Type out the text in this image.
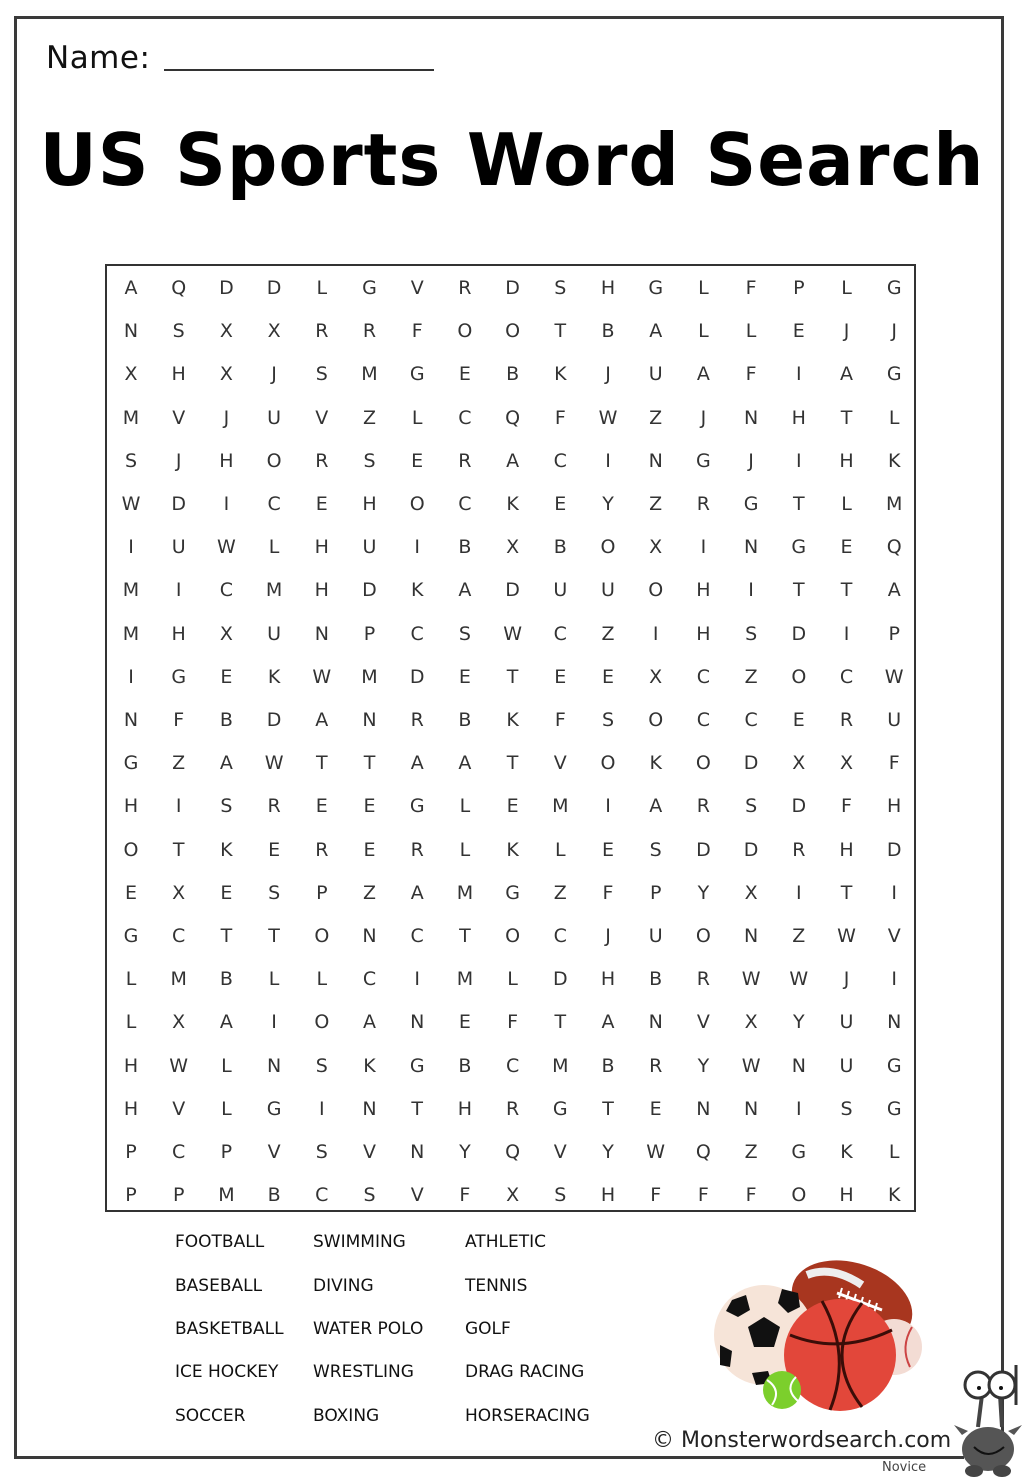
Name:
US Sports Word Search
A	Q	D	D	L	G	V	R	D	S	H	G	L	F	P	L	G
N	S	X	X	R	R	F	O	O	T	B	A	L	L	E	J	J
X	H	X	J	S	M	G	E	B	K	J	U	A	F	I	A	G
M	V	J	U	V	Z	L	C	Q	F	W	Z	J	N	H	T	L
S	J	H	O	R	S	E	R	A	C	I	N	G	J	I	H	K
W	D	I	C	E	H	O	C	K	E	Y	Z	R	G	T	L	M
I	U	W	L	H	U	I	B	X	B	O	X	I	N	G	E	Q
M	I	C	M	H	D	K	A	D	U	U	O	H	I	T	T	A
M	H	X	U	N	P	C	S	W	C	Z	I	H	S	D	I	P
I	G	E	K	W	M	D	E	T	E	E	X	C	Z	O	C	W
N	F	B	D	A	N	R	B	K	F	S	O	C	C	E	R	U
G	Z	A	W	T	T	A	A	T	V	O	K	O	D	X	X	F
H	I	S	R	E	E	G	L	E	M	I	A	R	S	D	F	H
O	T	K	E	R	E	R	L	K	L	E	S	D	D	R	H	D
E	X	E	S	P	Z	A	M	G	Z	F	P	Y	X	I	T	I
G	C	T	T	O	N	C	T	O	C	J	U	O	N	Z	W	V
L	M	B	L	L	C	I	M	L	D	H	B	R	W	W	J	I
L	X	A	I	O	A	N	E	F	T	A	N	V	X	Y	U	N
H	W	L	N	S	K	G	B	C	M	B	R	Y	W	N	U	G
H	V	L	G	I	N	T	H	R	G	T	E	N	N	I	S	G
P	C	P	V	S	V	N	Y	Q	V	Y	W	Q	Z	G	K	L
P	P	M	B	C	S	V	F	X	S	H	F	F	F	O	H	K
FOOTBALL
BASEBALL
BASKETBALL
ICE HOCKEY
SOCCER
SWIMMING
DIVING
WATER POLO
WRESTLING
BOXING
ATHLETIC
TENNIS
GOLF
DRAG RACING
HORSERACING
© Monsterwordsearch.com
Novice
